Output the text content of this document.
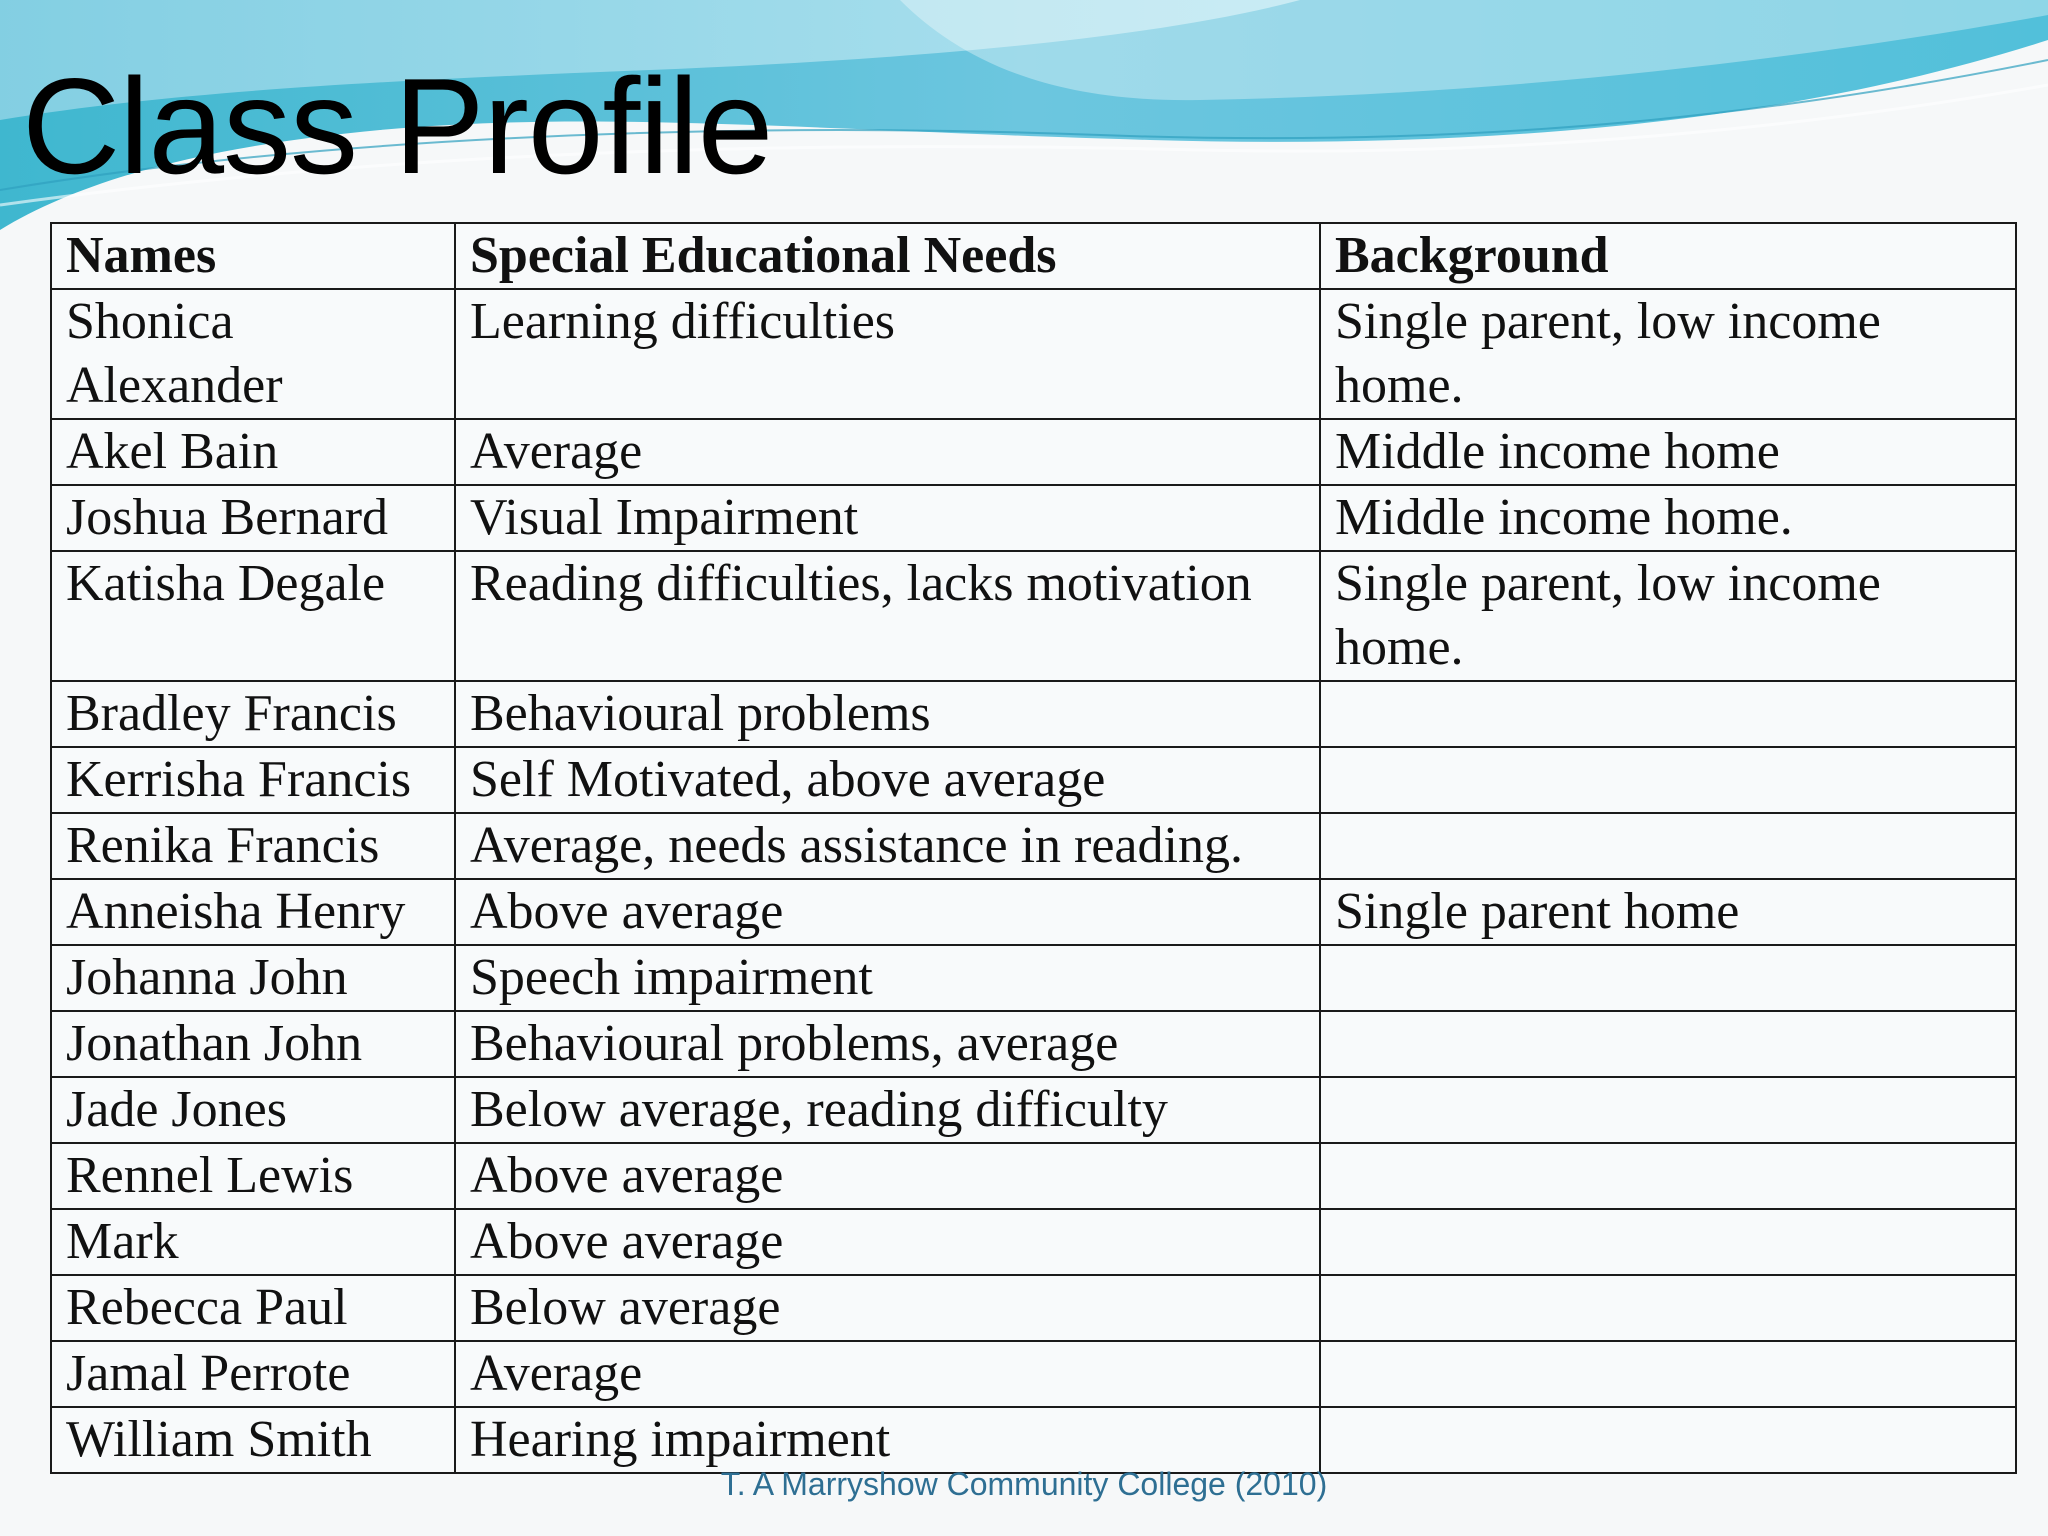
Class Profile
Names	Special Educational Needs	Background
Shonica Alexander	Learning difficulties	Single parent, low income home.
Akel Bain	Average	Middle income home
Joshua Bernard	Visual Impairment	Middle income home.
Katisha Degale	Reading difficulties, lacks motivation	Single parent, low income home.
Bradley Francis	Behavioural problems	
Kerrisha Francis	Self Motivated, above average	
Renika Francis	Average, needs assistance in reading.	
Anneisha Henry	Above average	Single parent home
Johanna John	Speech impairment	
Jonathan John	Behavioural problems, average	
Jade Jones	Below average, reading difficulty	
Rennel Lewis	Above average	
Mark	Above average	
Rebecca Paul	Below average	
Jamal Perrote	Average	
William Smith	Hearing impairment	
T. A Marryshow Community College (2010)
